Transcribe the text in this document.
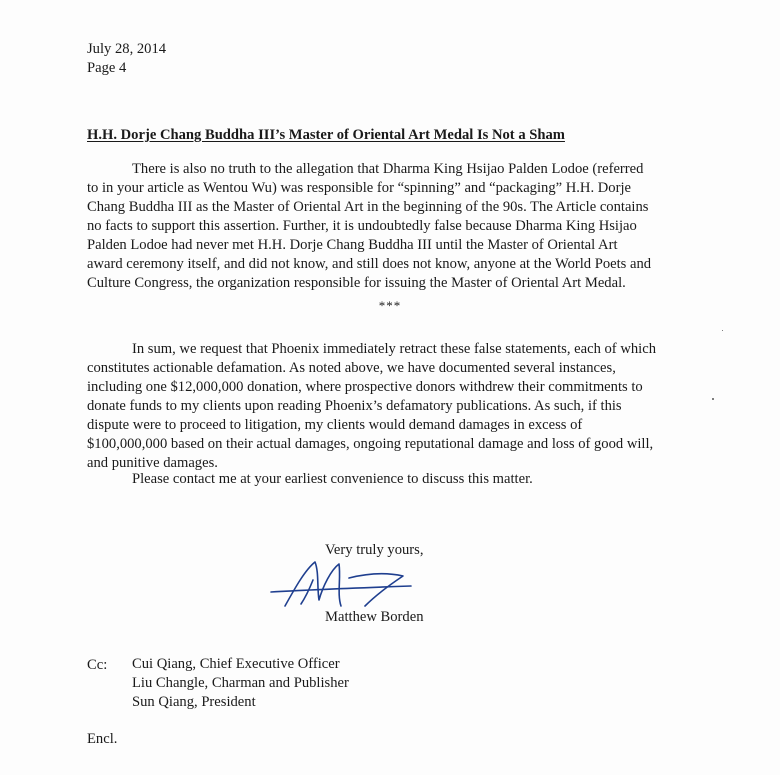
July 28, 2014
Page 4
H.H. Dorje Chang Buddha III’s Master of Oriental Art Medal Is Not a Sham
There is also no truth to the allegation that Dharma King Hsijao Palden Lodoe (referred
to in your article as Wentou Wu) was responsible for “spinning” and “packaging” H.H. Dorje
Chang Buddha III as the Master of Oriental Art in the beginning of the 90s. The Article contains
no facts to support this assertion. Further, it is undoubtedly false because Dharma King Hsijao
Palden Lodoe had never met H.H. Dorje Chang Buddha III until the Master of Oriental Art
award ceremony itself, and did not know, and still does not know, anyone at the World Poets and
Culture Congress, the organization responsible for issuing the Master of Oriental Art Medal.
***
In sum, we request that Phoenix immediately retract these false statements, each of which
constitutes actionable defamation. As noted above, we have documented several instances,
including one $12,000,000 donation, where prospective donors withdrew their commitments to
donate funds to my clients upon reading Phoenix’s defamatory publications. As such, if this
dispute were to proceed to litigation, my clients would demand damages in excess of
$100,000,000 based on their actual damages, ongoing reputational damage and loss of good will,
and punitive damages.
Please contact me at your earliest convenience to discuss this matter.
Very truly yours,
Matthew Borden
Cc: Cui Qiang, Chief Executive Officer
Liu Changle, Charman and Publisher
Sun Qiang, President
Encl.
